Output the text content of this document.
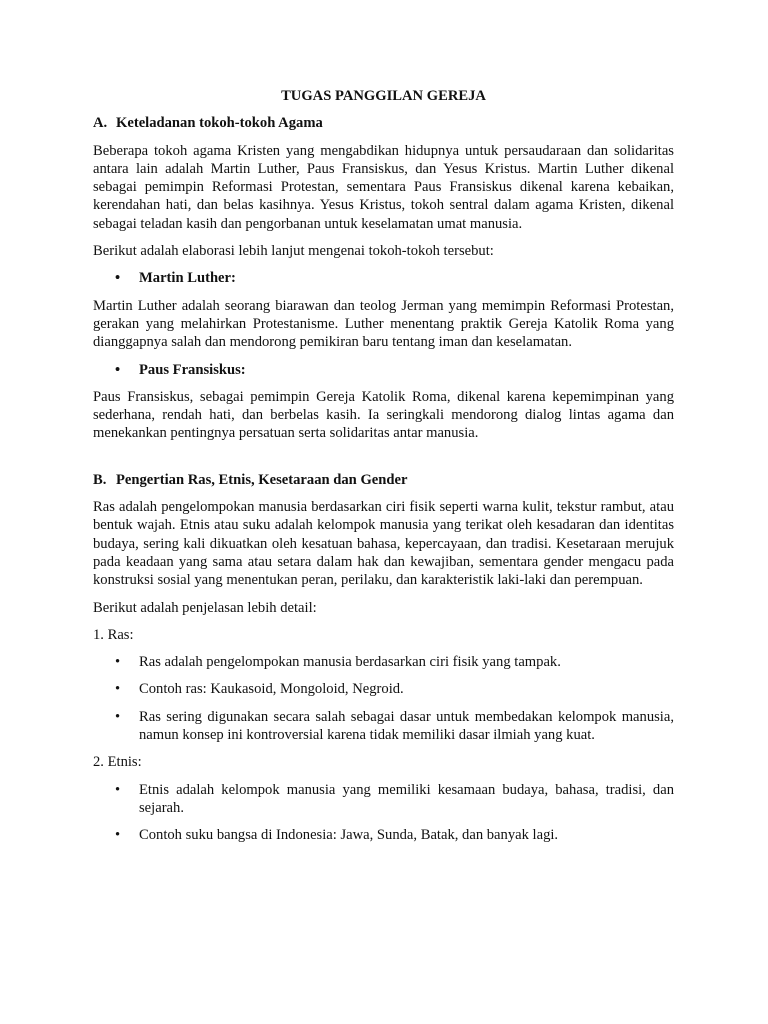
TUGAS PANGGILAN GEREJA
A. Keteladanan tokoh-tokoh Agama

Beberapa tokoh agama Kristen yang mengabdikan hidupnya untuk persaudaraan dan solidaritas antara lain adalah Martin Luther, Paus Fransiskus, dan Yesus Kristus. Martin Luther dikenal sebagai pemimpin Reformasi Protestan, sementara Paus Fransiskus dikenal karena kebaikan, kerendahan hati, dan belas kasihnya. Yesus Kristus, tokoh sentral dalam agama Kristen, dikenal sebagai teladan kasih dan pengorbanan untuk keselamatan umat manusia.

Berikut adalah elaborasi lebih lanjut mengenai tokoh-tokoh tersebut:

• Martin Luther:

Martin Luther adalah seorang biarawan dan teolog Jerman yang memimpin Reformasi Protestan, gerakan yang melahirkan Protestanisme. Luther menentang praktik Gereja Katolik Roma yang dianggapnya salah dan mendorong pemikiran baru tentang iman dan keselamatan.

• Paus Fransiskus:

Paus Fransiskus, sebagai pemimpin Gereja Katolik Roma, dikenal karena kepemimpinan yang sederhana, rendah hati, dan berbelas kasih. Ia seringkali mendorong dialog lintas agama dan menekankan pentingnya persatuan serta solidaritas antar manusia.

B. Pengertian Ras, Etnis, Kesetaraan dan Gender

Ras adalah pengelompokan manusia berdasarkan ciri fisik seperti warna kulit, tekstur rambut, atau bentuk wajah. Etnis atau suku adalah kelompok manusia yang terikat oleh kesadaran dan identitas budaya, sering kali dikuatkan oleh kesatuan bahasa, kepercayaan, dan tradisi. Kesetaraan merujuk pada keadaan yang sama atau setara dalam hak dan kewajiban, sementara gender mengacu pada konstruksi sosial yang menentukan peran, perilaku, dan karakteristik laki-laki dan perempuan.

Berikut adalah penjelasan lebih detail:

1. Ras:

• Ras adalah pengelompokan manusia berdasarkan ciri fisik yang tampak.
• Contoh ras: Kaukasoid, Mongoloid, Negroid.
• Ras sering digunakan secara salah sebagai dasar untuk membedakan kelompok manusia, namun konsep ini kontroversial karena tidak memiliki dasar ilmiah yang kuat.

2. Etnis:

• Etnis adalah kelompok manusia yang memiliki kesamaan budaya, bahasa, tradisi, dan sejarah.
• Contoh suku bangsa di Indonesia: Jawa, Sunda, Batak, dan banyak lagi.
